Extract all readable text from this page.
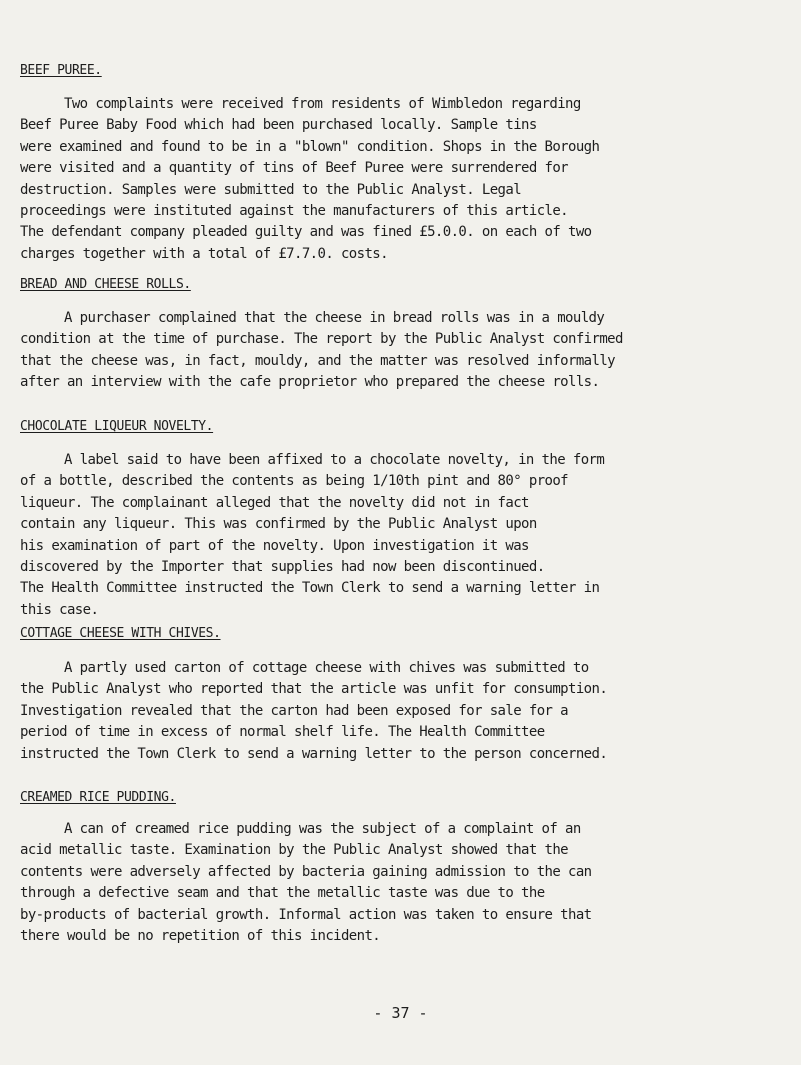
BEEF PUREE.
Two complaints were received from residents of Wimbledon regarding
Beef Puree Baby Food which had been purchased locally. Sample tins
were examined and found to be in a "blown" condition. Shops in the Borough
were visited and a quantity of tins of Beef Puree were surrendered for
destruction. Samples were submitted to the Public Analyst. Legal
proceedings were instituted against the manufacturers of this article.
The defendant company pleaded guilty and was fined £5.0.0. on each of two
charges together with a total of £7.7.0. costs.
BREAD AND CHEESE ROLLS.
A purchaser complained that the cheese in bread rolls was in a mouldy
condition at the time of purchase. The report by the Public Analyst confirmed
that the cheese was, in fact, mouldy, and the matter was resolved informally
after an interview with the cafe proprietor who prepared the cheese rolls.
CHOCOLATE LIQUEUR NOVELTY.
A label said to have been affixed to a chocolate novelty, in the form
of a bottle, described the contents as being 1/10th pint and 80° proof
liqueur. The complainant alleged that the novelty did not in fact
contain any liqueur. This was confirmed by the Public Analyst upon
his examination of part of the novelty. Upon investigation it was
discovered by the Importer that supplies had now been discontinued.
The Health Committee instructed the Town Clerk to send a warning letter in
this case.
COTTAGE CHEESE WITH CHIVES.
A partly used carton of cottage cheese with chives was submitted to
the Public Analyst who reported that the article was unfit for consumption.
Investigation revealed that the carton had been exposed for sale for a
period of time in excess of normal shelf life. The Health Committee
instructed the Town Clerk to send a warning letter to the person concerned.
CREAMED RICE PUDDING.
A can of creamed rice pudding was the subject of a complaint of an
acid metallic taste. Examination by the Public Analyst showed that the
contents were adversely affected by bacteria gaining admission to the can
through a defective seam and that the metallic taste was due to the
by-products of bacterial growth. Informal action was taken to ensure that
there would be no repetition of this incident.
- 37 -
